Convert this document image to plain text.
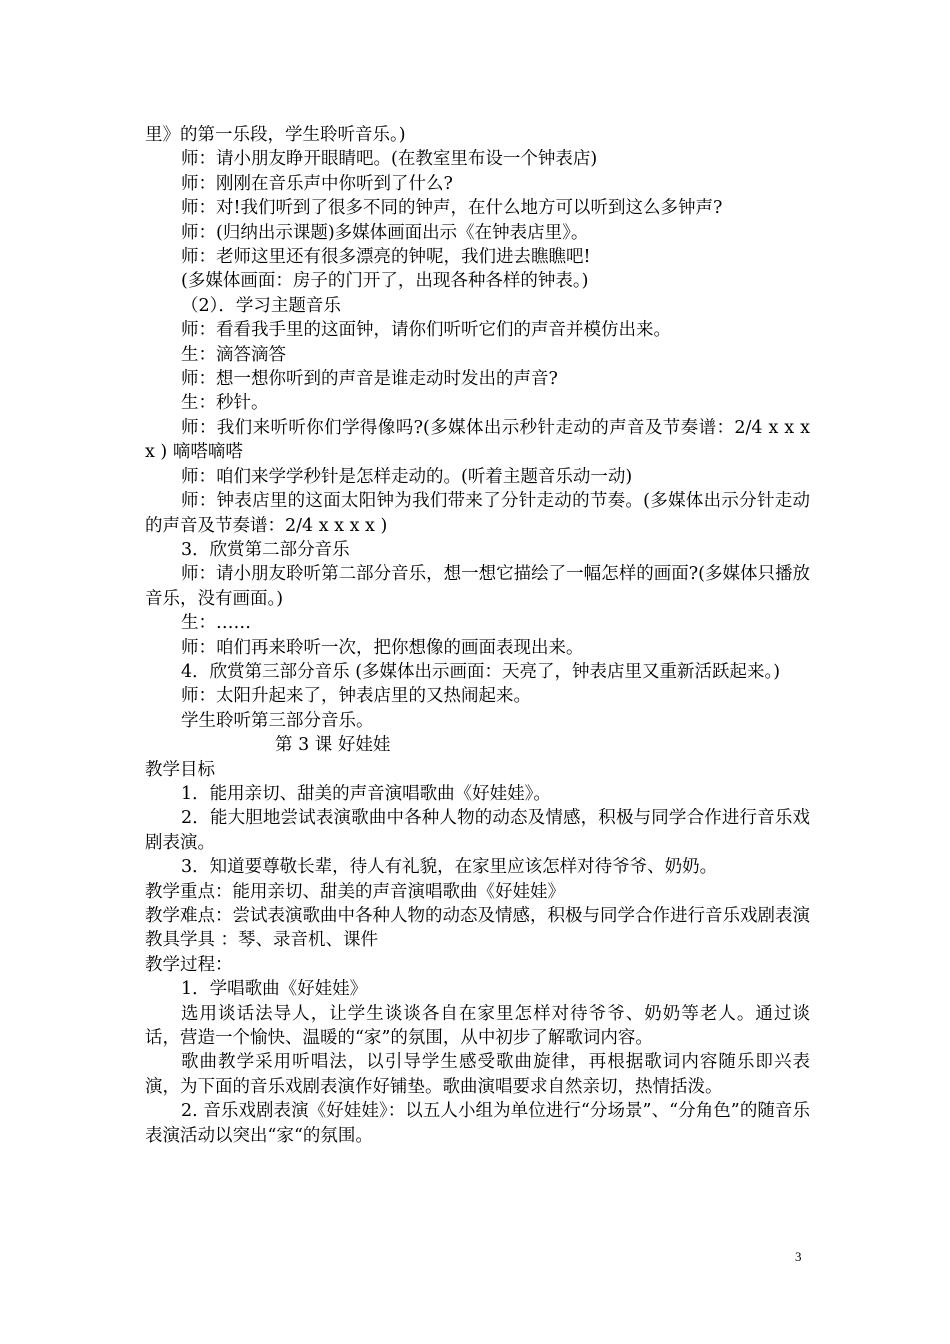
里》的第一乐段，学生聆听音乐。)

师：请小朋友睁开眼睛吧。(在教室里布设一个钟表店)

师：刚刚在音乐声中你听到了什么?

师：对!我们听到了很多不同的钟声，在什么地方可以听到这么多钟声?

师：(归纳出示课题)多媒体画面出示《在钟表店里》。

师：老师这里还有很多漂亮的钟呢，我们进去瞧瞧吧!

(多媒体画面：房子的门开了，出现各种各样的钟表。)

（2）．学习主题音乐

师：看看我手里的这面钟，请你们听听它们的声音并模仿出来。

生：滴答滴答

师：想一想你听到的声音是谁走动时发出的声音?

生：秒针。

师：我们来听听你们学得像吗?(多媒体出示秒针走动的声音及节奏谱：2/4 x x x x ) 嘀嗒嘀嗒

师：咱们来学学秒针是怎样走动的。(听着主题音乐动一动)

师：钟表店里的这面太阳钟为我们带来了分针走动的节奏。(多媒体出示分针走动的声音及节奏谱：2/4 x x x x )

3．欣赏第二部分音乐

师：请小朋友聆听第二部分音乐，想一想它描绘了一幅怎样的画面?(多媒体只播放音乐，没有画面。)

生：……

师：咱们再来聆听一次，把你想像的画面表现出来。

4．欣赏第三部分音乐 (多媒体出示画面：天亮了，钟表店里又重新活跃起来。)

师：太阳升起来了，钟表店里的又热闹起来。

学生聆听第三部分音乐。

第 3 课 好娃娃

教学目标

1．能用亲切、甜美的声音演唱歌曲《好娃娃》。

2．能大胆地尝试表演歌曲中各种人物的动态及情感，积极与同学合作进行音乐戏剧表演。

3．知道要尊敬长辈，待人有礼貌，在家里应该怎样对待爷爷、奶奶。

教学重点：能用亲切、甜美的声音演唱歌曲《好娃娃》

教学难点：尝试表演歌曲中各种人物的动态及情感，积极与同学合作进行音乐戏剧表演

教具学具 ：琴、录音机、课件

教学过程：

1．学唱歌曲《好娃娃》

选用谈话法导人，让学生谈谈各自在家里怎样对待爷爷、奶奶等老人。通过谈话，营造一个愉快、温暖的“家”的氛围，从中初步了解歌词内容。

歌曲教学采用听唱法，以引导学生感受歌曲旋律，再根据歌词内容随乐即兴表演，为下面的音乐戏剧表演作好铺垫。歌曲演唱要求自然亲切，热情括泼。

2. 音乐戏剧表演《好娃娃》：以五人小组为单位进行“分场景”、“分角色”的随音乐表演活动以突出“家“的氛围。

3
